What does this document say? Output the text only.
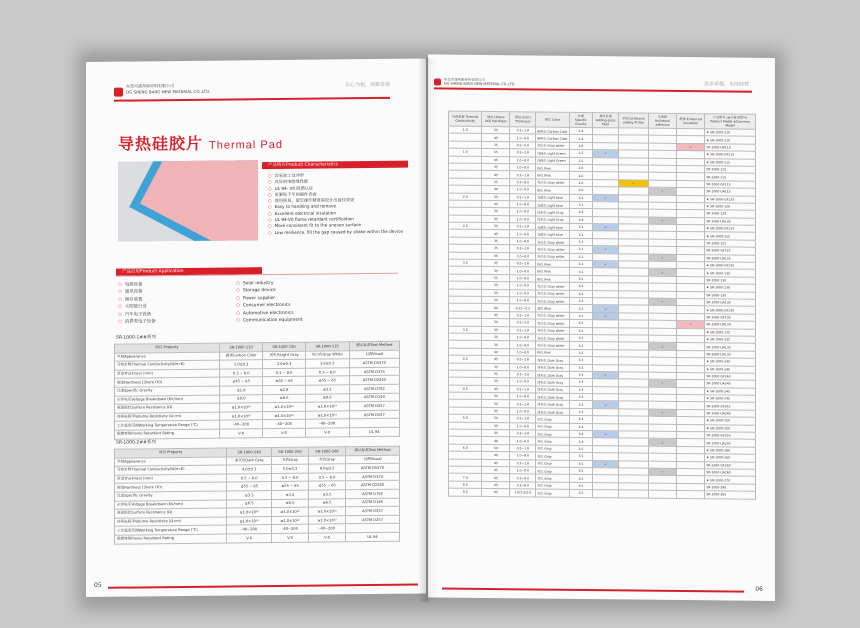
东莞市盛邦新材料有限公司
DG SHENG BANG NEW MATERIAL CO.,LTD.
以心为根，创新发展
导热硅胶片 Thermal Pad
产品特点Product Characteristics
○ 容易加工及冲型
○ 良好的电绝缘性能
○ UL 94- V0 阻燃认证
○ 更紧贴不平的器件表面
○ 使用简易，留空操作精准需设计出最佳效果
○ Easy to handling and remove
○ Excellent electrical insulation
○ UL 94-V0 flame retardant certification
○ More consistent fit to the uneven surface
○ Low resilience, fill the gap caused by shake within the device
产品应用Product Application
○ 电源设备
○ 通讯设备
○ 储存装置
○ 太阳能行业
○ 汽车电子设备
○ 消费类电子设备
○ Solar industry
○ Storage device
○ Power supplier
○ Consumer electronics
○ Automotive electronics
○ Communication equipment
SR-1000-1##系列
项目 Property	SR-1000-110	SR-1000-120	SR-1000-135	测试标准Test Method
外观Appearance	碳黑Carbon Color	浅灰色Light Gray	灰白色Gray White	目测Visual
导热系数Thermal Conductivity(W/m·K)	1.0±0.3	2.0±0.3	3.6±0.3	ASTM D5470
厚度Thickness (mm)	0.3 ~ 8.0	0.3 ~ 8.0	0.3 ~ 8.0	ASTM D374
硬度Hardness (Shore OO)	≤45 ~ 65	≤50 ~ 65	≤55 ~ 65	ASTM D2240
比重Specific Gravity	≤1.9	≤2.8	≤3.2	ASTM D792
击穿电压Voltage Breakdown (KV/mm)	≥9.0	≥9.0	≥9.0	ASTM D149
表面阻抗Surface Resistance (Ω)	≥1.0×10¹²	≥1.0×10¹²	≥1.0×10¹²	ASTM D257
体积电阻率Volume Resistivity (Ω·cm)	≥1.0×10¹²	≥1.0×10¹²	≥1.0×10¹²	ASTM D257
工作温度范围Working Temperature Range (℃)	-40~200	-40~200	-40~200	
阻燃等级Flame Retardant Rating	V-0	V-0	V-0	UL 94
SR-1000-2##系列
项目 Property	SR-1000-240	SR-1000-250	SR-1000-260	测试标准Test Method
外观Appearance	深灰色Dark Gray	灰色Gray	灰色Gray	目测Visual
导热系数Thermal Conductivity(W/m·K)	4.0±0.3	5.0±0.3	6.0±0.3	ASTM D5470
厚度Thickness (mm)	0.5 ~ 8.0	0.5 ~ 8.0	0.5 ~ 8.0	ASTM D374
硬度Hardness (Shore OO)	≤55 ~ 65	≤55 ~ 65	≤55 ~ 65	ASTM D2240
比重Specific Gravity	≤3.3	≤3.4	≤3.5	ASTM D792
击穿电压Voltage Breakdown (KV/mm)	≥6.5	≥6.5	≥6.5	ASTM D149
表面阻抗Surface Resistance (Ω)	≥1.0×10¹²	≥1.0×10¹²	≥1.0×10¹²	ASTM D257
体积电阻率Volume Resistivity (Ω·cm)	≥1.0×10¹²	≥1.0×10¹²	≥1.0×10¹²	ASTM D257
工作温度范围Working Temperature Range (℃)	-40~200	-40~200	-40~200	
阻燃等级Flame Retardant Rating	V-0	V-0	V-0	UL 94
05
东莞市盛邦新材料有限公司
DG SHENG BANG NEW MATERIAL CO.,LTD.	追求卓越，永续经营
导热系数 Thermal Conductivity	硬度 (Shore OO) Hardness	厚度 (mm) Thickness	颜色 Color	比重 Specific Gravity	玻纤补强 Adding glass fiber	单面 Unilateral adding PI film	单面胶 Unilateral adhesive	绝缘 Enhanced insulation	产品型号 (★为常用型号) Product Model ★Common Model
1.0	55	0.3~1.8	碳黑色 Carbon Color	1.8					★ SR-1000-110
	45	1.0~8.0	碳黑色 Carbon Color	1.8					★ SR-1000-110
	25	0.5~5.0	灰白色 Gray white	1.8				✓	SR-1000-UR110
1.5	55	0.3~1.8	浅绿色 Light Green	2.5	✓				★ SR-1000-GF115
	45	1.0~8.0	浅绿色 Light Green	2.5					★ SR-1000-115
	35	1.0~8.0	粉色 Pink	2.6					SR-1000-115
	45	0.3~1.8	粉色 Pink	2.6					SR-1000-115
	25	0.3~8.0	灰白色 Gray white	2.6		✓			SR-1000-GF115
	40	1.0~8.0	粉色 Pink	2.6			✓		SR-1000-UA115
2.0	35	0.5~1.8	浅蓝色 Light blue	3.1	✓				★ SR-1000-GF120
	45	1.0~8.0	浅蓝色 Light blue	3.1					★ SR-1000-120
	35	1.0~8.0	浅灰色 Light Gray	2.9					SR-1000-120
	35	1.0~8.0	浅灰色 Light Gray	2.9			✓		SR-1000-UA120
2.5	35	0.5~1.8	浅蓝色 Light blue	3.1	✓				★ SR-1000-GF125
	45	1.0~8.0	浅蓝色 Light blue	3.1					★ SR-1000-125
	35	1.0~8.0	灰白色 Gray white	3.1					SR-1000-125
	35	0.3~1.8	灰白色 Gray white	3.1	✓				SR-1000-GF125
	35	1.0~8.0	灰白色 Gray white	3.1			✓		SR-1000-UA125
3.0	35	0.5~1.8	粉色 Pink	3.2	✓				★ SR-1000-GF130
	35	1.0~8.0	粉色 Pink	3.2			✓		★ SR-1000-130
	55	1.0~8.0	粉色 Pink	3.2					SR-1000-130
	35	1.0~8.0	灰白色 Gray white	3.2					★ SR-1000-130
	35	1.0~8.0	灰白色 Gray white	3.2					SR-1000-130
	25	1.0~8.0	灰白色 Gray white	3.2			✓		SR-1000-UA130
	60	0.15~0.2	蓝色 Blue	3.2	✓				★ SR-1000-GF130
	45	0.3~1.8	灰白色 Gray white	3.2	✓				SR-1000-GF130
	30	0.5~5.0	灰白色 Gray white	3.2				✓	SR-1000-UR130
3.5	35	0.5~1.8	灰白色 Gray white	3.2					★ SR-1000-135
	35	1.0~8.0	灰白色 Gray white	3.2					★ SR-1000-135
	35	1.0~8.0	灰白色 Gray white	3.2			✓		SR-1000-UA135
	40	1.0~8.0	粉色 Pink	3.2					SR-1000-UA135
4.0	45	0.5~1.8	深灰色 Dark Gray	3.3					★ SR-1000-240
	35	1.0~8.0	深灰色 Dark Gray	3.3					★ SR-1000-240
	35	0.3~1.8	深灰色 Dark Gray	3.3	✓				SR-1000-GF240
	35	1.0~8.0	深灰色 Dark Gray	3.3			✓		SR-1000-UA240
4.5	45	0.5~1.8	深灰色 Dark Gray	3.3					★ SR-1000-245
	35	1.0~8.0	深灰色 Dark Gray	3.3					★ SR-1000-245
	35	0.3~1.8	深灰色 Dark Gray	3.3	✓				SR-1000-GF245
	35	1.0~8.0	深灰色 Dark Gray	3.3			✓		SR-1000-UA245
5.0	50	0.5~1.8	灰色 Gray	3.4					★ SR-1000-250
	35	1.0~8.0	灰色 Gray	3.4					★ SR-1000-250
	35	0.3~1.8	灰色 Gray	3.4	✓				SR-1000-GF250
	40	1.0~8.0	灰色 Gray	3.4			✓		SR-1000-UA250
6.0	50	0.5~1.8	灰色 Gray	3.5					★ SR-1000-260
	40	1.0~8.0	灰色 Gray	3.5					★ SR-1000-260
	45	0.3~1.8	灰色 Gray	3.5	✓				SR-1000-GF260
	45	1.0~8.0	灰色 Gray	3.5			✓		SR-1000-UA260
7.0	65	0.3~8.0	灰色 Gray	3.5					★ SR-1000-270
8.0	65	0.3~8.0	灰色 Gray	3.5					SR-1000-280
8.5	65	1.0/1.5/2.0	灰色 Gray	3.5					SR-1000-285
06
